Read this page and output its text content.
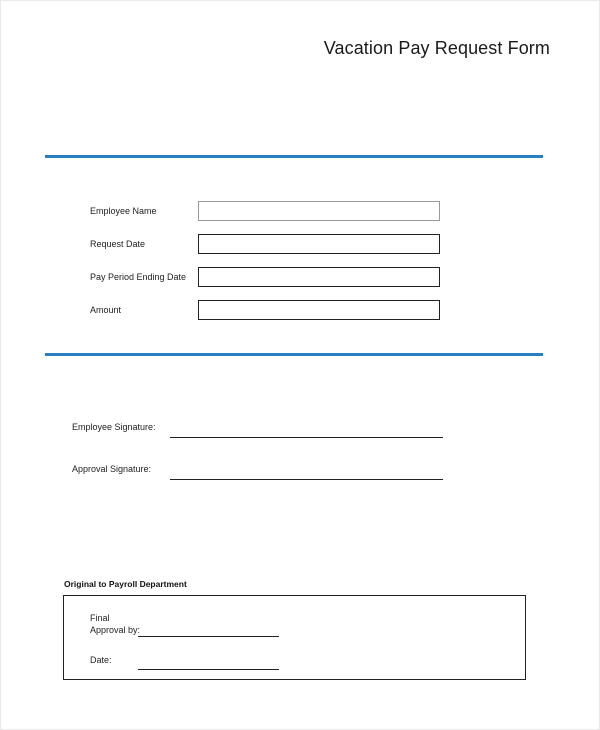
Vacation Pay Request Form
Employee Name
Request Date
Pay Period Ending Date
Amount
Employee Signature:
Approval Signature:
Original to Payroll Department
Final
Approval by:
Date:
